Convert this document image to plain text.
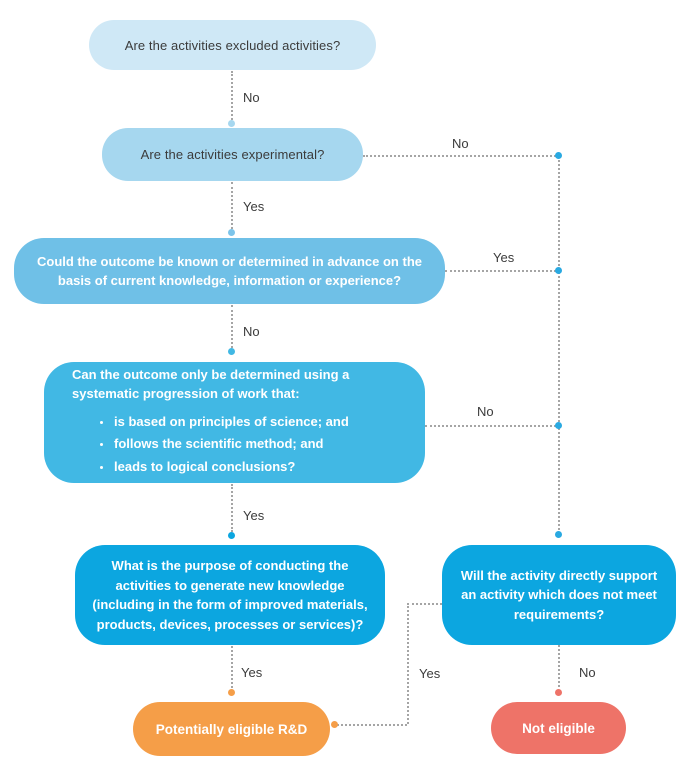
No
Yes
No
Yes
Yes
No
Yes
No
Yes	No
Are the activities excluded activities?
Are the activities experimental?
Could the outcome be known or determined in advance on the basis of current knowledge, information or experience?
Can the outcome only be determined using a systematic progression of work that:
is based on principles of science; and
follows the scientific method; and
leads to logical conclusions?
What is the purpose of conducting the activities to generate new knowledge (including in the form of improved materials, products, devices, processes or services)?
Will the activity directly support an activity which does not meet requirements?
Potentially eligible R&D	Not eligible
